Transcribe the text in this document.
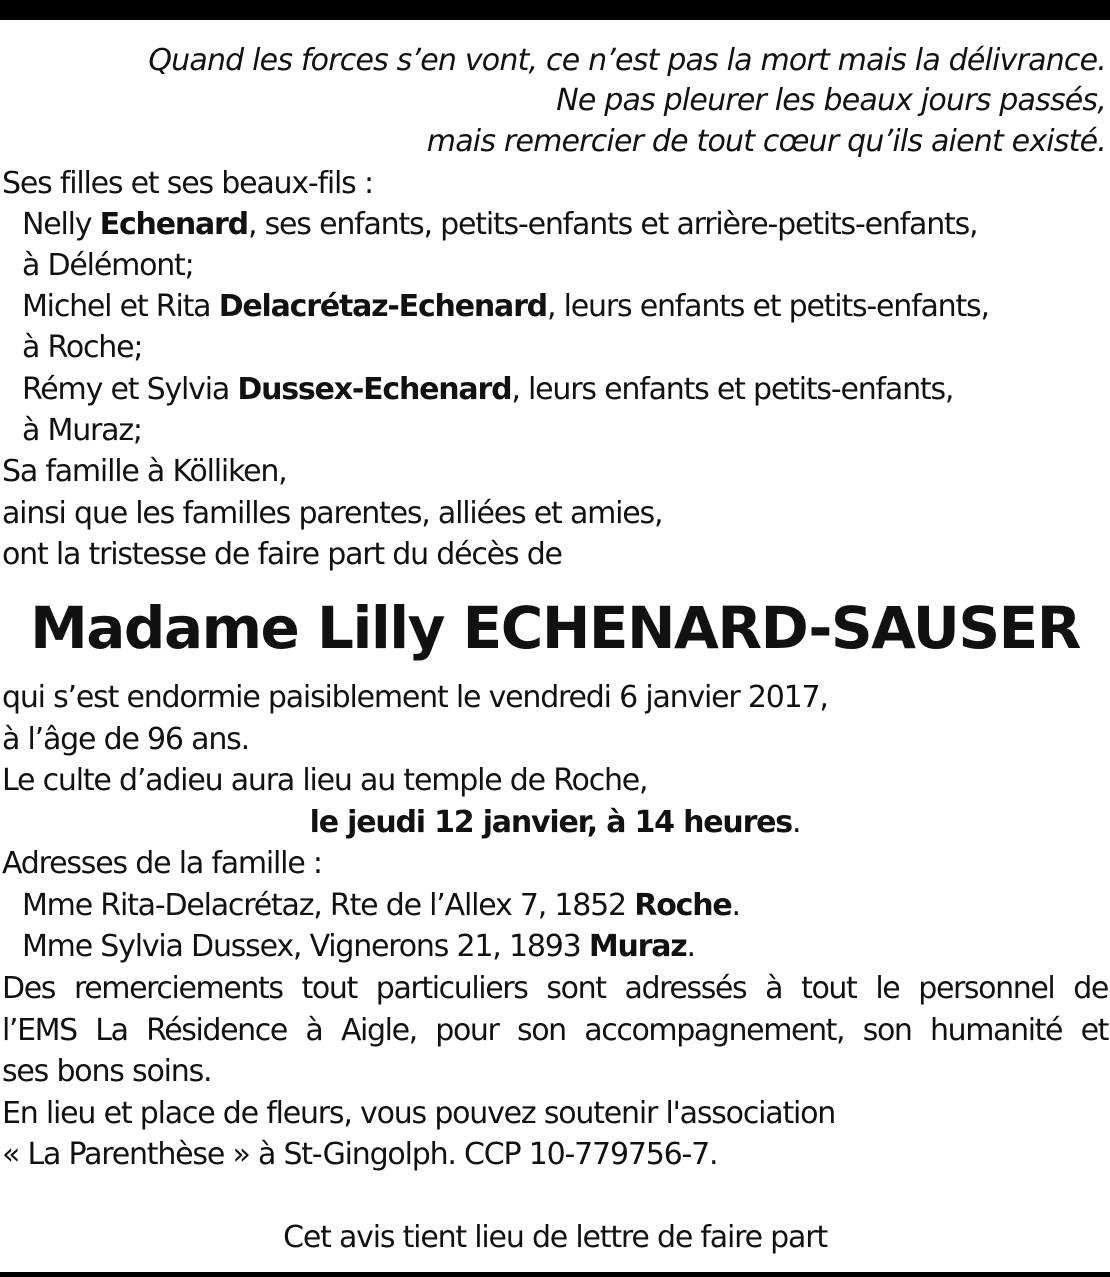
Quand les forces s’en vont, ce n’est pas la mort mais la délivrance.
Ne pas pleurer les beaux jours passés,
mais remercier de tout cœur qu’ils aient existé.
Ses filles et ses beaux-fils :
Nelly Echenard, ses enfants, petits-enfants et arrière-petits-enfants,
à Délémont;
Michel et Rita Delacrétaz-Echenard, leurs enfants et petits-enfants,
à Roche;
Rémy et Sylvia Dussex-Echenard, leurs enfants et petits-enfants,
à Muraz;
Sa famille à Kölliken,
ainsi que les familles parentes, alliées et amies,
ont la tristesse de faire part du décès de
Madame Lilly ECHENARD-SAUSER
qui s’est endormie paisiblement le vendredi 6 janvier 2017,
à l’âge de 96 ans.
Le culte d’adieu aura lieu au temple de Roche,
le jeudi 12 janvier, à 14 heures.
Adresses de la famille :
Mme Rita-Delacrétaz, Rte de l’Allex 7, 1852 Roche.
Mme Sylvia Dussex, Vignerons 21, 1893 Muraz.
Des remerciements tout particuliers sont adressés à tout le personnel de
l’EMS La Résidence à Aigle, pour son accompagnement, son humanité et
ses bons soins.
En lieu et place de fleurs, vous pouvez soutenir l'association
« La Parenthèse » à St-Gingolph. CCP 10-779756-7.
Cet avis tient lieu de lettre de faire part
